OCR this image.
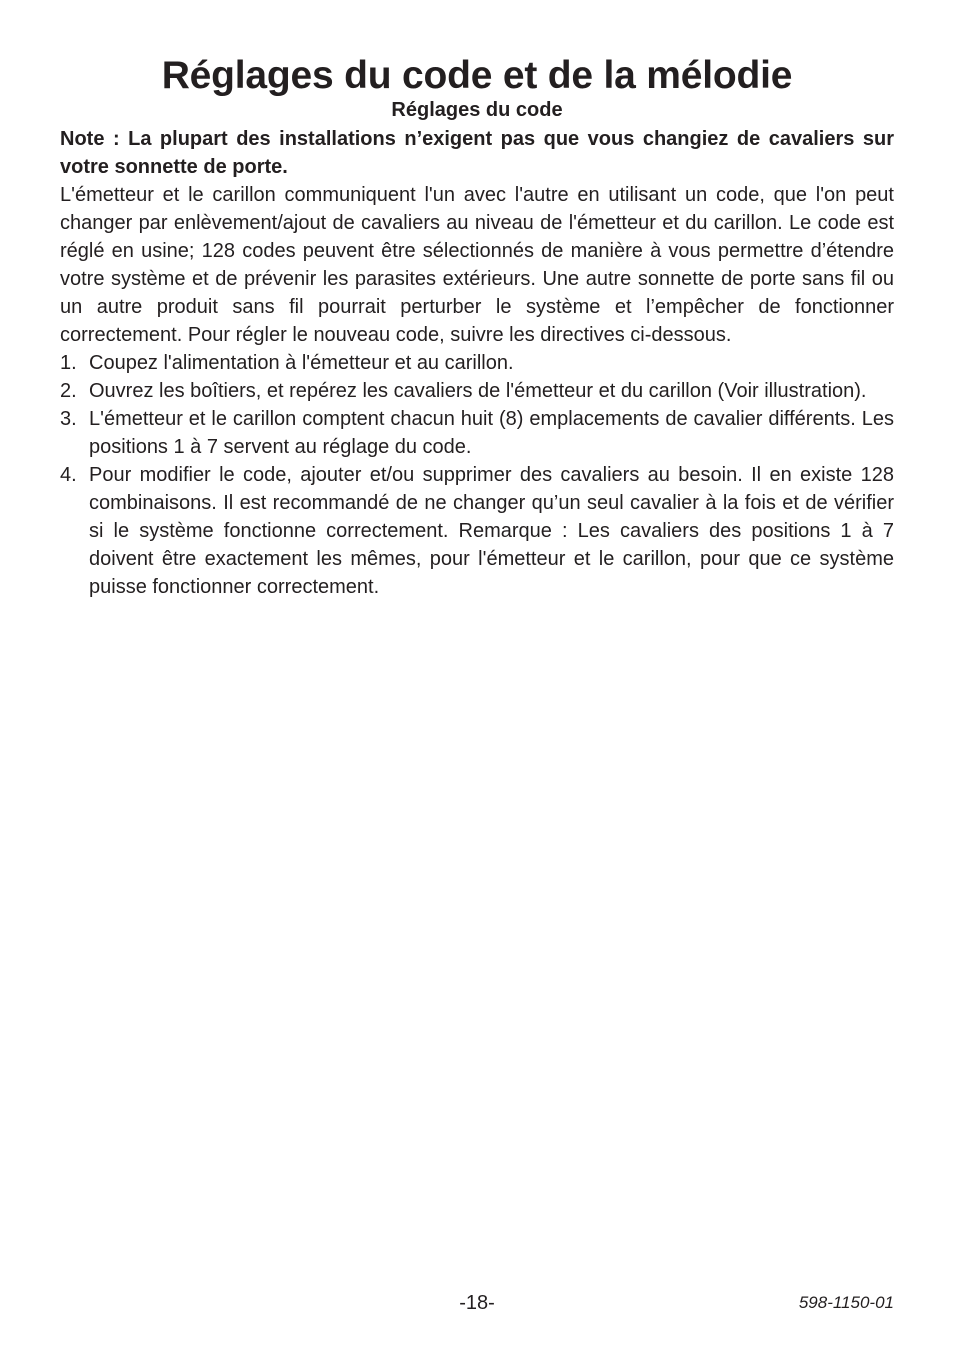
Réglages du code et de la mélodie
Réglages du code

Note : La plupart des installations n’exigent pas que vous changiez de cavaliers sur votre sonnette de porte.

L'émetteur et le carillon communiquent l'un avec l'autre en utilisant un code, que l'on peut changer par enlèvement/ajout de cavaliers au niveau de l'émetteur et du carillon. Le code est réglé en usine; 128 codes peuvent être sélectionnés de manière à vous permettre d’étendre votre système et de prévenir les parasites extérieurs. Une autre sonnette de porte sans fil ou un autre produit sans fil pourrait perturber le système et l’empêcher de fonctionner correctement. Pour régler le nouveau code, suivre les directives ci-dessous.

1. Coupez l'alimentation à l'émetteur et au carillon.
2. Ouvrez les boîtiers, et repérez les cavaliers de l'émetteur et du carillon (Voir illustration).
3. L'émetteur et le carillon comptent chacun huit (8) emplacements de cavalier différents. Les positions 1 à 7 servent au réglage du code.
4. Pour modifier le code, ajouter et/ou supprimer des cavaliers au besoin. Il en existe 128 combinaisons. Il est recommandé de ne changer qu’un seul cavalier à la fois et de vérifier si le système fonctionne correctement. Remarque : Les cavaliers des positions 1 à 7 doivent être exactement les mêmes, pour l'émetteur et le carillon, pour que ce système puisse fonctionner correctement.
-18-	598-1150-01
